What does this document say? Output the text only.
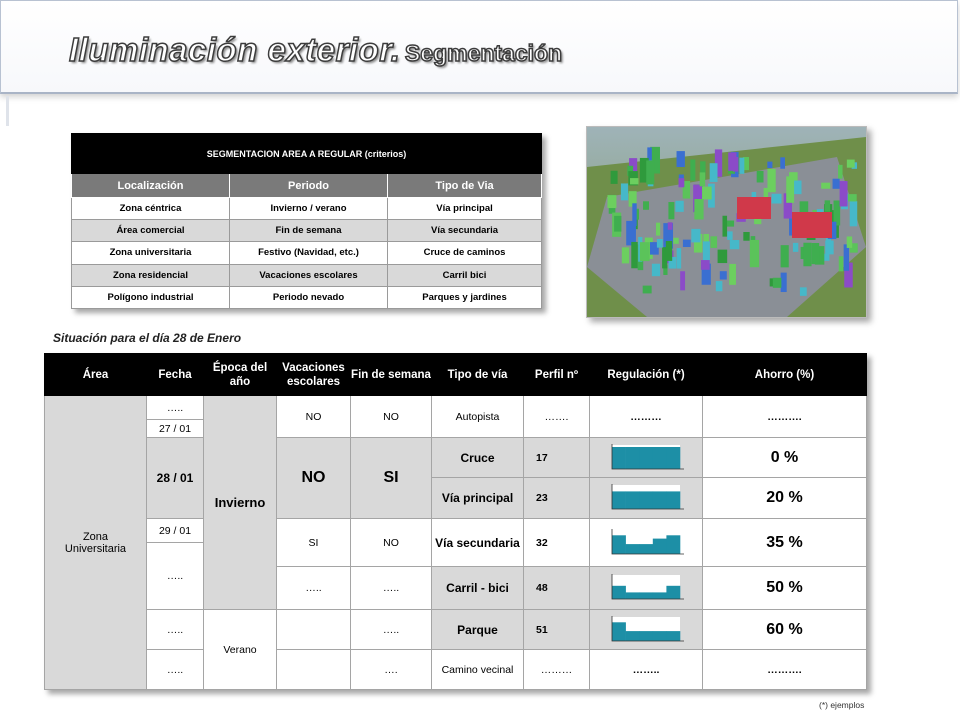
Iluminación exterior. Segmentación
SEGMENTACION AREA A REGULAR (criterios)		
Localización	Periodo	Tipo de Via
Zona céntrica	Invierno / verano	Vía principal
Área comercial	Fin de semana	Vía secundaria
Zona universitaria	Festivo (Navidad, etc.)	Cruce de caminos
Zona residencial	Vacaciones escolares	Carril bici
Polígono industrial	Periodo nevado	Parques y jardines
Situación para el día 28 de Enero
Área	Fecha	Época del año	Vacaciones escolares	Fin de semana	Tipo de vía	Perfil nº	Regulación (*)	Ahorro (%)
Zona Universitaria	…..	Invierno	NO	NO	Autopista	…….	………	……….
	27 / 01							
	28 / 01		NO	SI	Cruce	17		0 %
					Vía principal	23		20 %
	29 / 01		SI	NO	Vía secundaria	32		35 %
	…..							
			…..	…..	Carril - bici	48		50 %
	…..	Verano		…..	Parque	51		60 %
	…..			….	Camino vecinal	………	……..	……….
(*) ejemplos
